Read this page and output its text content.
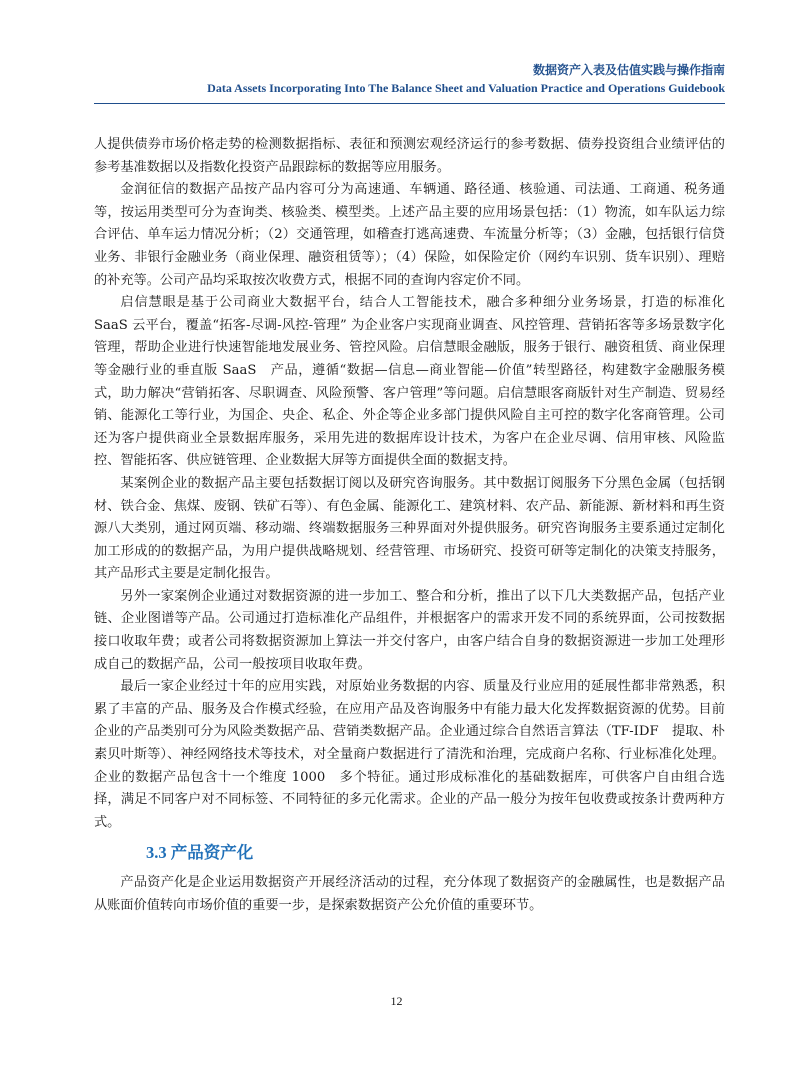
数据资产入表及估值实践与操作指南
Data Assets Incorporating Into The Balance Sheet and Valuation Practice and Operations Guidebook

人提供债券市场价格走势的检测数据指标、表征和预测宏观经济运行的参考数据、债券投资组合业绩评估的参考基准数据以及指数化投资产品跟踪标的数据等应用服务。

金润征信的数据产品按产品内容可分为高速通、车辆通、路径通、核验通、司法通、工商通、税务通等，按运用类型可分为查询类、核验类、模型类。上述产品主要的应用场景包括：（1）物流，如车队运力综合评估、单车运力情况分析；（2）交通管理，如稽查打逃高速费、车流量分析等；（3）金融，包括银行信贷业务、非银行金融业务（商业保理、融资租赁等）；（4）保险，如保险定价（网约车识别、货车识别）、理赔的补充等。公司产品均采取按次收费方式，根据不同的查询内容定价不同。

启信慧眼是基于公司商业大数据平台，结合人工智能技术，融合多种细分业务场景，打造的标准化 SaaS 云平台，覆盖“拓客-尽调-风控-管理” 为企业客户实现商业调查、风控管理、营销拓客等多场景数字化管理，帮助企业进行快速智能地发展业务、管控风险。启信慧眼金融版，服务于银行、融资租赁、商业保理等金融行业的垂直版 SaaS　产品，遵循“数据—信息—商业智能—价值”转型路径，构建数字金融服务模式，助力解决“营销拓客、尽职调查、风险预警、客户管理”等问题。启信慧眼客商版针对生产制造、贸易经销、能源化工等行业，为国企、央企、私企、外企等企业多部门提供风险自主可控的数字化客商管理。公司还为客户提供商业全景数据库服务，采用先进的数据库设计技术，为客户在企业尽调、信用审核、风险监控、智能拓客、供应链管理、企业数据大屏等方面提供全面的数据支持。

某案例企业的数据产品主要包括数据订阅以及研究咨询服务。其中数据订阅服务下分黑色金属（包括钢材、铁合金、焦煤、废钢、铁矿石等）、有色金属、能源化工、建筑材料、农产品、新能源、新材料和再生资源八大类别，通过网页端、移动端、终端数据服务三种界面对外提供服务。研究咨询服务主要系通过定制化加工形成的的数据产品，为用户提供战略规划、经营管理、市场研究、投资可研等定制化的决策支持服务，其产品形式主要是定制化报告。

另外一家案例企业通过对数据资源的进一步加工、整合和分析，推出了以下几大类数据产品，包括产业链、企业图谱等产品。公司通过打造标准化产品组件，并根据客户的需求开发不同的系统界面，公司按数据接口收取年费；或者公司将数据资源加上算法一并交付客户，由客户结合自身的数据资源进一步加工处理形成自己的数据产品，公司一般按项目收取年费。

最后一家企业经过十年的应用实践，对原始业务数据的内容、质量及行业应用的延展性都非常熟悉，积累了丰富的产品、服务及合作模式经验，在应用产品及咨询服务中有能力最大化发挥数据资源的优势。目前企业的产品类别可分为风险类数据产品、营销类数据产品。企业通过综合自然语言算法（TF-IDF　提取、朴素贝叶斯等）、神经网络技术等技术，对全量商户数据进行了清洗和治理，完成商户名称、行业标准化处理。企业的数据产品包含十一个维度 1000　多个特征。通过形成标准化的基础数据库，可供客户自由组合选择，满足不同客户对不同标签、不同特征的多元化需求。企业的产品一般分为按年包收费或按条计费两种方式。

3.3 产品资产化

产品资产化是企业运用数据资产开展经济活动的过程，充分体现了数据资产的金融属性，也是数据产品从账面价值转向市场价值的重要一步，是探索数据资产公允价值的重要环节。

12
